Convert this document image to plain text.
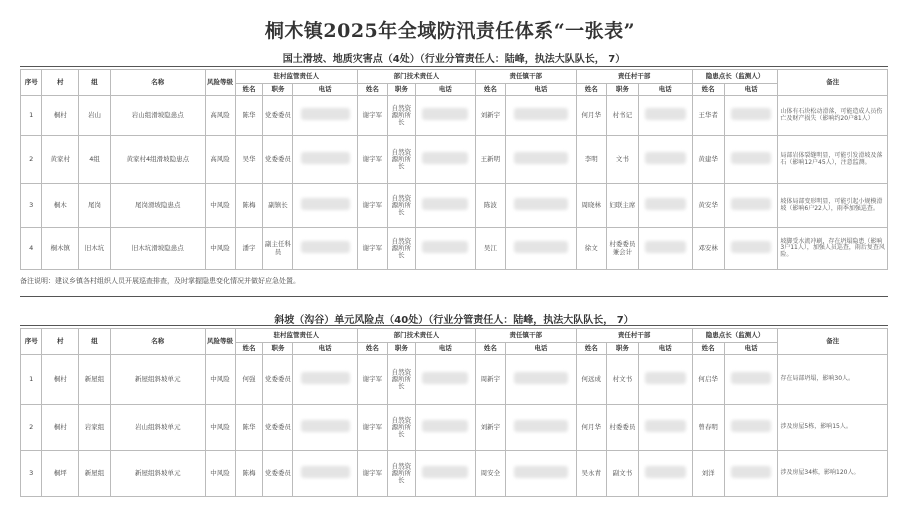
桐木镇2025年全域防汛责任体系“一张表”
国土滑坡、地质灾害点（4处）（行业分管责任人：陆峰，执法大队队长， 7）
序号	村	组	名称	风险等级	驻村监管责任人			部门技术责任人			责任镇干部		责任村干部			隐患点长（监测人）		备注
					姓名	职务	电话	姓名	职务	电话	姓名	电话	姓名	职务	电话	姓名	电话	
1	桐村	岩山	岩山组滑坡隐患点	高风险	陈华	党委委员		谢宇军	自然资源所所长		刘新宇		何月华	村书记		王华者		山体有石块松动滑落，可能造成人员伤亡及财产损失（影响约20户81人）
2	黄家村	4组	黄家村4组滑坡隐患点	高风险	吴华	党委委员		谢宇军	自然资源所所长		王新明		李明	文书		黄建华		局部岩体裂缝明显，可能引发滑坡及落石（影响12户45人），注意监测。
3	桐木	尾岗	尾岗滑坡隐患点	中风险	陈梅	副镇长		谢宇军	自然资源所所长		陈波		周晓林	妇联主席		黄安华		坡体局部变形明显，可能引起小规模滑坡（影响6户22人），雨季加强巡查。
4	桐木镇	旧木坑	旧木坑滑坡隐患点	中风险	潘宇	副主任科员		谢宇军	自然资源所所长		吴江		徐文	村委委员兼会计		邓安林		坡脚受水流冲刷，存在坍塌隐患（影响3户11人），加强人员巡查，雨后复查风险。
备注说明：建议乡镇各村组织人员开展巡查排查，及时掌握隐患变化情况并做好应急处置。
斜坡（沟谷）单元风险点（40处）（行业分管责任人：陆峰，执法大队队长， 7）
序号	村	组	名称	风险等级	驻村监管责任人			部门技术责任人			责任镇干部		责任村干部			隐患点长（监测人）		备注
					姓名	职务	电话	姓名	职务	电话	姓名	电话	姓名	职务	电话	姓名	电话	
1	桐村	新屋组	新屋组斜坡单元	中风险	何强	党委委员		谢宇军	自然资源所所长		周新宇		何远成	村文书		何启华		存在局部坍塌，影响30人。
2	桐村	岩家组	岩山组斜坡单元	中风险	陈华	党委委员		谢宇军	自然资源所所长		刘新宇		何月华	村委委员		曾春明		涉及房屋5栋，影响15人。
3	桐坪	新屋组	新屋组斜坡单元	中风险	陈梅	党委委员		谢宇军	自然资源所所长		周安全		吴永青	副文书		刘洋		涉及房屋34栋，影响120人。
